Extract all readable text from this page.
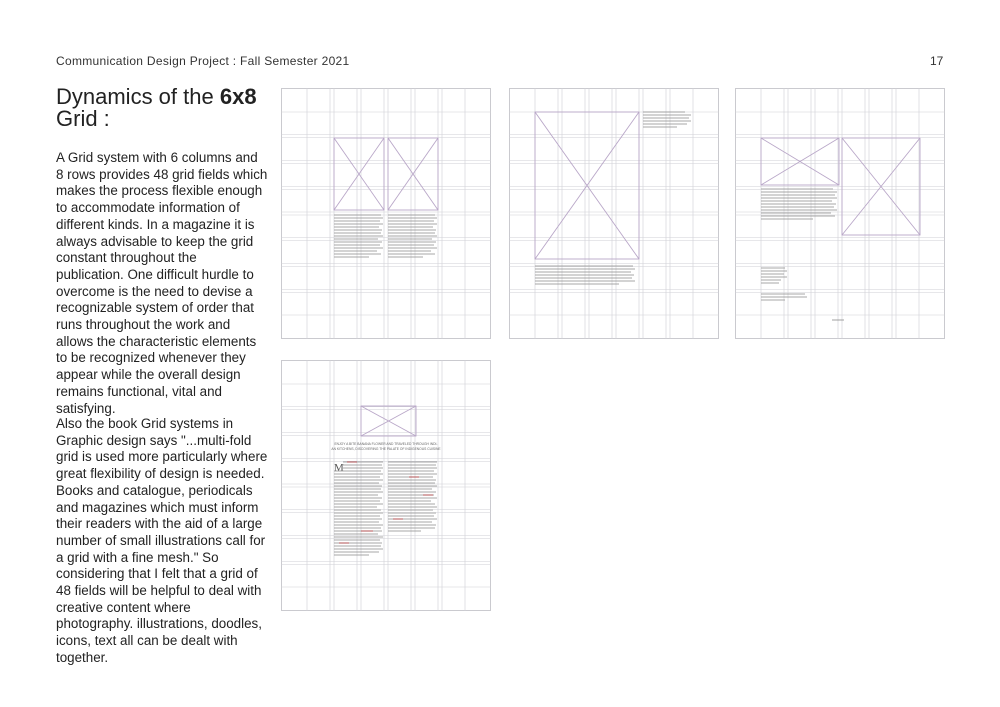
Communication Design Project : Fall Semester 2021	17
Dynamics of the 6x8
Grid :

A Grid system with 6 columns and 8 rows provides 48 grid fields which makes the process flexible enough to accommodate information of different kinds. In a magazine it is always advisable to keep the grid constant throughout the publication. One difficult hurdle to overcome is the need to devise a recognizable system of order that runs throughout the work and allows the characteristic elements to be recognized whenever they appear while the overall design remains functional, vital and satisfying.

Also the book Grid systems in Graphic design says "...multi-fold grid is used more particularly where great flexibility of design is needed. Books and catalogue, periodicals and magazines which must inform their readers with the aid of a large number of small illustrations call for a grid with a fine mesh." So considering that I felt that a grid of 48 fields will be helpful to deal with creative content where photography. illustrations, doodles, icons, text all can be dealt with together.

ENJOY A BITE BANANA FLOWER AND TRAVELED THROUGH INDI-
AN KITCHENS, DISCOVERING THE PALATE OF INDIGENOUS CUISINE
M
